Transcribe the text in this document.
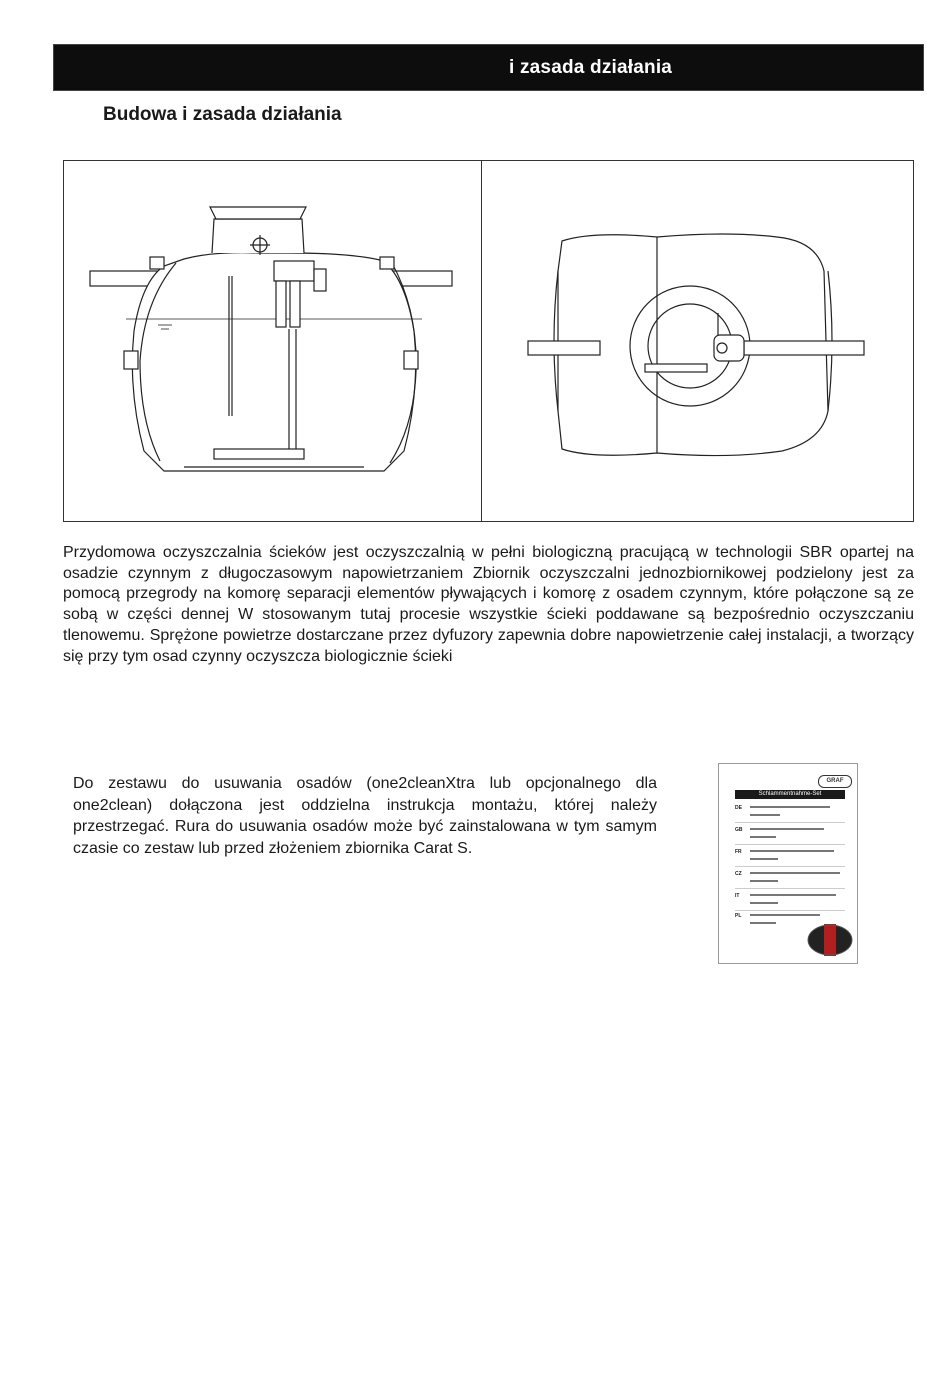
i zasada działania
Budowa i zasada działania
Przydomowa oczyszczalnia ścieków jest oczyszczalnią w pełni biologiczną pracującą w technologii SBR opartej na osadzie czynnym z długoczasowym napowietrzaniem Zbiornik oczyszczalni jednozbiornikowej podzielony jest za pomocą przegrody na komorę separacji elementów pływających i komorę z osadem czynnym, które połączone są ze sobą w części dennej W stosowanym tutaj procesie wszystkie ścieki poddawane są bezpośrednio oczyszczaniu tlenowemu. Sprężone powietrze dostarczane przez dyfuzory zapewnia dobre napowietrzenie całej instalacji, a tworzący się przy tym osad czynny oczyszcza biologicznie ścieki
Do zestawu do usuwania osadów (one2cleanXtra lub opcjonalnego dla one2clean) dołączona jest oddzielna instrukcja montażu, której należy przestrzegać. Rura do usuwania osadów może być zainstalowana w tym samym czasie co zestaw lub przed złożeniem zbiornika Carat S.
GRAF
Schlammentnahme-Set
DE
GB
FR
CZ
IT
PL
